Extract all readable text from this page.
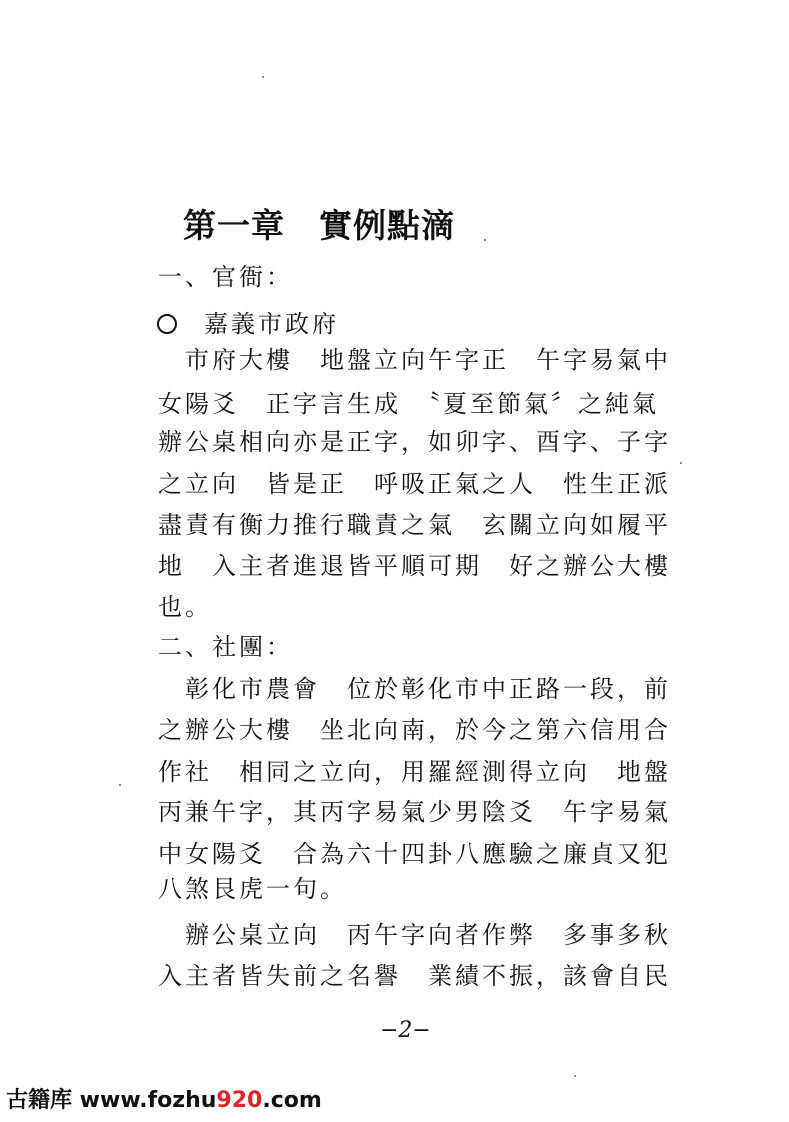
第一章　實例點滴
一、官衙：
嘉義市政府
　市府大樓　地盤立向午字正　午字易氣中
女陽爻　正字言生成　〝夏至節氣〞之純氣
辦公桌相向亦是正字，如卯字、酉字、子字
之立向　皆是正　呼吸正氣之人　性生正派
盡責有衡力推行職責之氣　玄關立向如履平
地　入主者進退皆平順可期　好之辦公大樓
也。
二、社團：
　彰化市農會　位於彰化市中正路一段，前
之辦公大樓　坐北向南，於今之第六信用合
作社　相同之立向，用羅經測得立向　地盤
丙兼午字，其丙字易氣少男陰爻　午字易氣
中女陽爻　合為六十四卦八應驗之廉貞又犯
八煞艮虎一句。
　辦公桌立向　丙午字向者作弊　多事多秋
入主者皆失前之名譽　業績不振，該會自民
−2−
古籍库 www.fozhu920.com
